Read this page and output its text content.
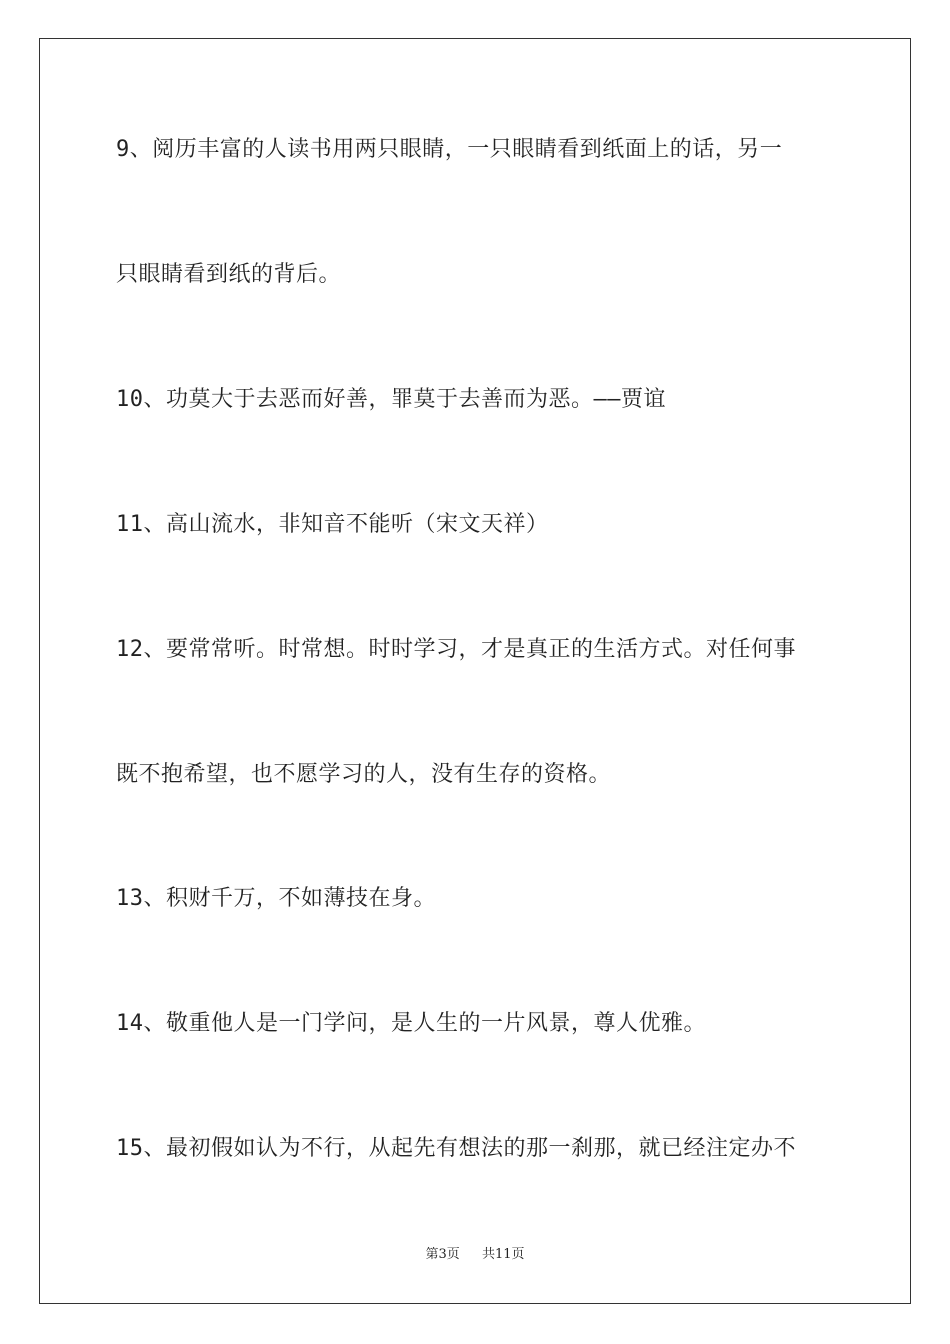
9、阅历丰富的人读书用两只眼睛，一只眼睛看到纸面上的话，另一
只眼睛看到纸的背后。
10、功莫大于去恶而好善，罪莫于去善而为恶。——贾谊
11、高山流水，非知音不能听（宋文天祥）
12、要常常听。时常想。时时学习，才是真正的生活方式。对任何事
既不抱希望，也不愿学习的人，没有生存的资格。
13、积财千万，不如薄技在身。
14、敬重他人是一门学问，是人生的一片风景，尊人优雅。
15、最初假如认为不行，从起先有想法的那一刹那，就已经注定办不
第3页 共11页
